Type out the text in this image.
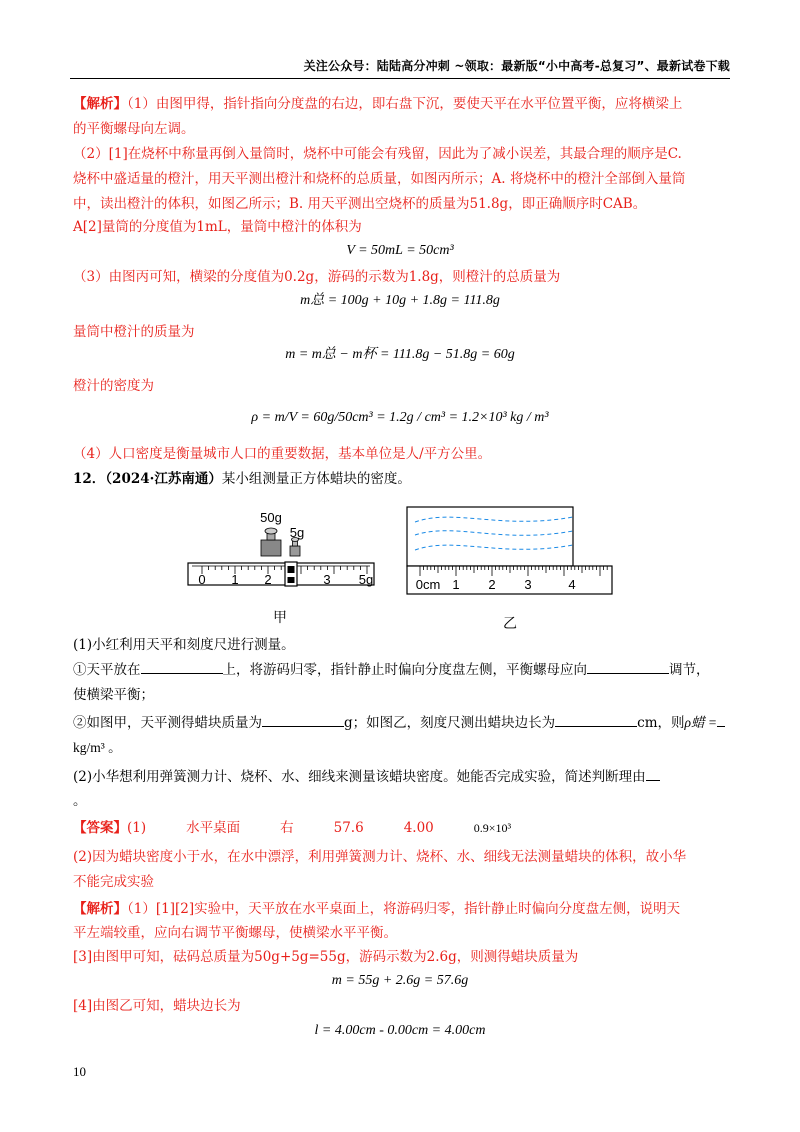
关注公众号：陆陆高分冲刺 ~领取：最新版“小中高考-总复习”、最新试卷下载
【解析】（1）由图甲得，指针指向分度盘的右边，即右盘下沉，要使天平在水平位置平衡，应将横梁上
的平衡螺母向左调。
（2）[1]在烧杯中称量再倒入量筒时，烧杯中可能会有残留，因此为了减小误差，其最合理的顺序是C.
烧杯中盛适量的橙汁，用天平测出橙汁和烧杯的总质量，如图丙所示；A. 将烧杯中的橙汁全部倒入量筒
中，读出橙汁的体积，如图乙所示；B. 用天平测出空烧杯的质量为51.8g，即正确顺序时CAB。
A[2]量筒的分度值为1mL，量筒中橙汁的体积为
V = 50mL = 50cm³
（3）由图丙可知，横梁的分度值为0.2g，游码的示数为1.8g，则橙汁的总质量为
m总 = 100g + 10g + 1.8g = 111.8g
量筒中橙汁的质量为
m = m总 − m杯 = 111.8g − 51.8g = 60g
橙汁的密度为
ρ = m/V = 60g/50cm³ = 1.2g / cm³ = 1.2×10³ kg / m³
（4）人口密度是衡量城市人口的重要数据，基本单位是人/平方公里。
12．（2024·江苏南通）某小组测量正方体蜡块的密度。
0 1 2	3 5g
50g
5g
0cm 1 2 3	4
甲	乙
(1)小红利用天平和刻度尺进行测量。
①天平放在	上，将游码归零，指针静止时偏向分度盘左侧，平衡螺母应向	调节，
使横梁平衡；
②如图甲，天平测得蜡块质量为	g；如图乙，刻度尺测出蜡块边长为	cm，则ρ蜡 =
kg/m³ 。
(2)小华想利用弹簧测力计、烧杯、水、细线来测量该蜡块密度。她能否完成实验，简述判断理由
。
【答案】(1)	水平桌面	右	57.6	4.00	0.9×10³
(2)因为蜡块密度小于水，在水中漂浮，利用弹簧测力计、烧杯、水、细线无法测量蜡块的体积，故小华
不能完成实验
【解析】（1）[1][2]实验中，天平放在水平桌面上，将游码归零，指针静止时偏向分度盘左侧，说明天
平左端较重，应向右调节平衡螺母，使横梁水平平衡。
[3]由图甲可知，砝码总质量为50g+5g=55g，游码示数为2.6g，则测得蜡块质量为
m = 55g + 2.6g = 57.6g
[4]由图乙可知，蜡块边长为
l = 4.00cm - 0.00cm = 4.00cm
10
